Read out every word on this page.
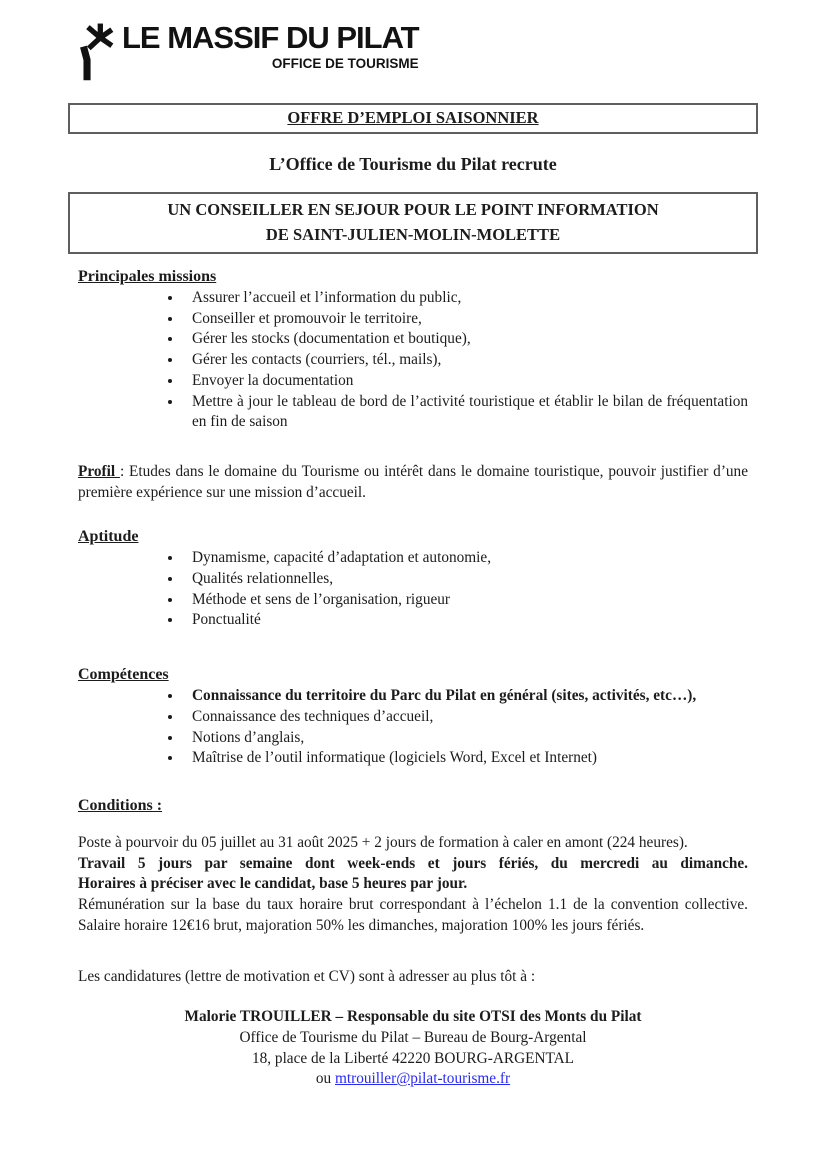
LE MASSIF DU PILAT
OFFICE DE TOURISME
OFFRE D’EMPLOI SAISONNIER
L’Office de Tourisme du Pilat recrute
UN CONSEILLER EN SEJOUR POUR LE POINT INFORMATION
DE SAINT-JULIEN-MOLIN-MOLETTE
Principales missions
• Assurer l’accueil et l’information du public,
• Conseiller et promouvoir le territoire,
• Gérer les stocks (documentation et boutique),
• Gérer les contacts (courriers, tél., mails),
• Envoyer la documentation
• Mettre à jour le tableau de bord de l’activité touristique et établir le bilan de fréquentation en fin de saison

Profil : Etudes dans le domaine du Tourisme ou intérêt dans le domaine touristique, pouvoir justifier d’une première expérience sur une mission d’accueil.

Aptitude
• Dynamisme, capacité d’adaptation et autonomie,
• Qualités relationnelles,
• Méthode et sens de l’organisation, rigueur
• Ponctualité
Compétences
• Connaissance du territoire du Parc du Pilat en général (sites, activités, etc…),
• Connaissance des techniques d’accueil,
• Notions d’anglais,
• Maîtrise de l’outil informatique (logiciels Word, Excel et Internet)
Conditions :

Poste à pourvoir du 05 juillet au 31 août 2025 + 2 jours de formation à caler en amont (224 heures).

Travail 5 jours par semaine dont week-ends et jours fériés, du mercredi au dimanche.

Horaires à préciser avec le candidat, base 5 heures par jour.

Rémunération sur la base du taux horaire brut correspondant à l’échelon 1.1 de la convention collective. Salaire horaire 12€16 brut, majoration 50% les dimanches, majoration 100% les jours fériés.

Les candidatures (lettre de motivation et CV) sont à adresser au plus tôt à :

Malorie TROUILLER – Responsable du site OTSI des Monts du Pilat

Office de Tourisme du Pilat – Bureau de Bourg-Argental

18, place de la Liberté 42220 BOURG-ARGENTAL

ou mtrouiller@pilat-tourisme.fr
